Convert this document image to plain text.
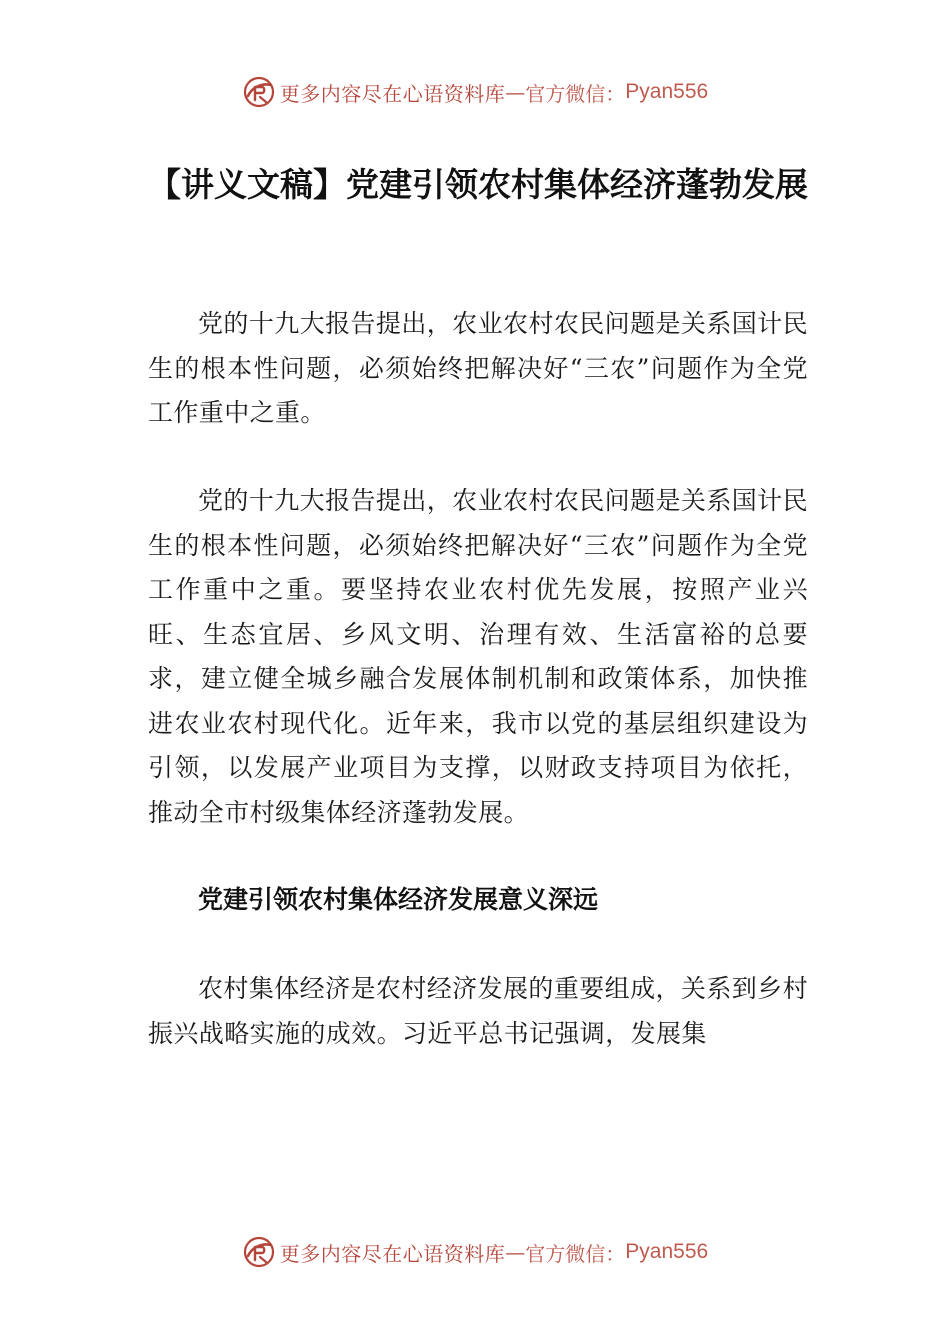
更多内容尽在心语资料库 — 官方微信： Pyan556
【讲义文稿】党建引领农村集体经济蓬勃发展

党的十九大报告提出，农业农村农民问题是关系国计民生的根本性问题，必须始终把解决好“三农”问题作为全党工作重中之重。

党的十九大报告提出，农业农村农民问题是关系国计民生的根本性问题，必须始终把解决好“三农”问题作为全党工作重中之重。要坚持农业农村优先发展，按照产业兴旺、生态宜居、乡风文明、治理有效、生活富裕的总要求，建立健全城乡融合发展体制机制和政策体系，加快推进农业农村现代化。近年来，我市以党的基层组织建设为引领，以发展产业项目为支撑，以财政支持项目为依托，推动全市村级集体经济蓬勃发展。

党建引领农村集体经济发展意义深远

农村集体经济是农村经济发展的重要组成，关系到乡村振兴战略实施的成效。习近平总书记强调，发展集

更多内容尽在心语资料库 — 官方微信： Pyan556
